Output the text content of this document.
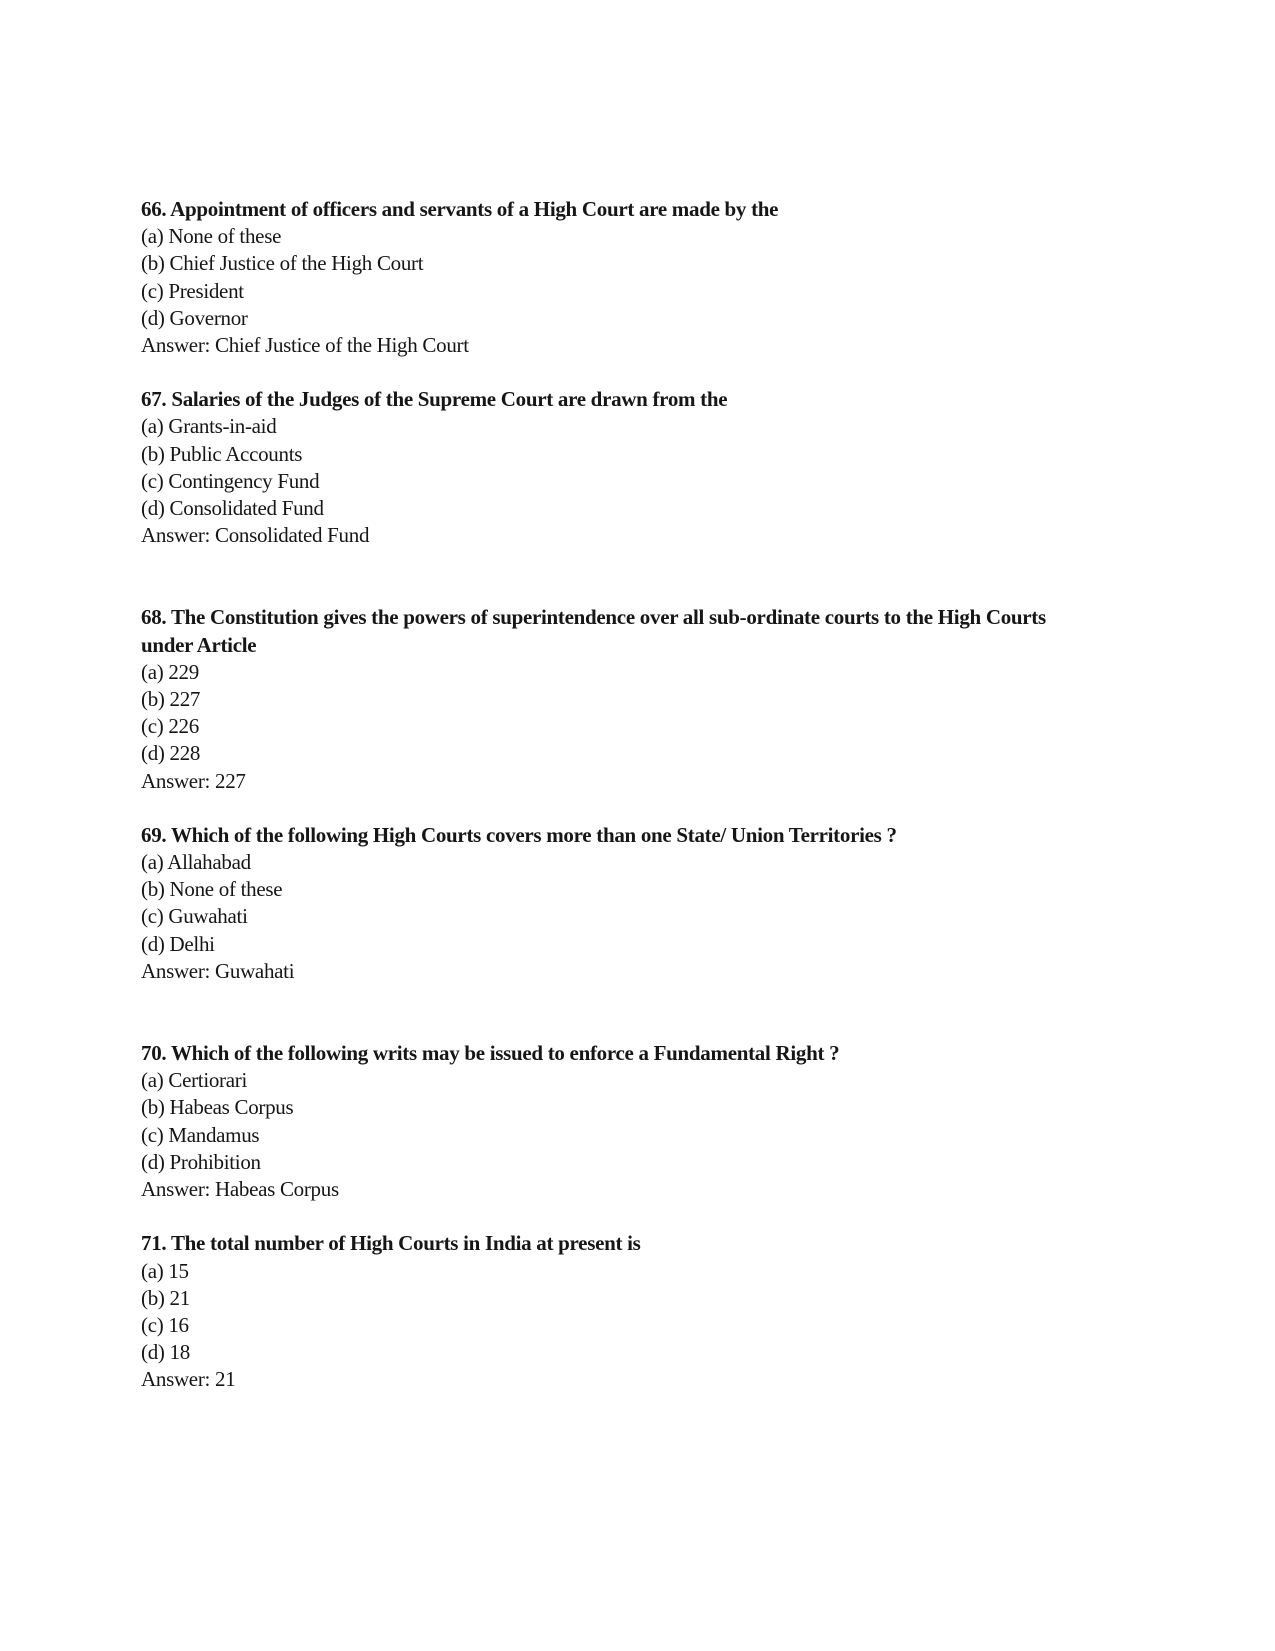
66. Appointment of officers and servants of a High Court are made by the

(a) None of these

(b) Chief Justice of the High Court

(c) President

(d) Governor

Answer: Chief Justice of the High Court

67. Salaries of the Judges of the Supreme Court are drawn from the

(a) Grants-in-aid

(b) Public Accounts

(c) Contingency Fund

(d) Consolidated Fund

Answer: Consolidated Fund

68. The Constitution gives the powers of superintendence over all sub-ordinate courts to the High Courts under Article

(a) 229

(b) 227

(c) 226

(d) 228

Answer: 227

69. Which of the following High Courts covers more than one State/ Union Territories ?

(a) Allahabad

(b) None of these

(c) Guwahati

(d) Delhi

Answer: Guwahati

70. Which of the following writs may be issued to enforce a Fundamental Right ?

(a) Certiorari

(b) Habeas Corpus

(c) Mandamus

(d) Prohibition

Answer: Habeas Corpus

71. The total number of High Courts in India at present is

(a) 15

(b) 21

(c) 16

(d) 18

Answer: 21
